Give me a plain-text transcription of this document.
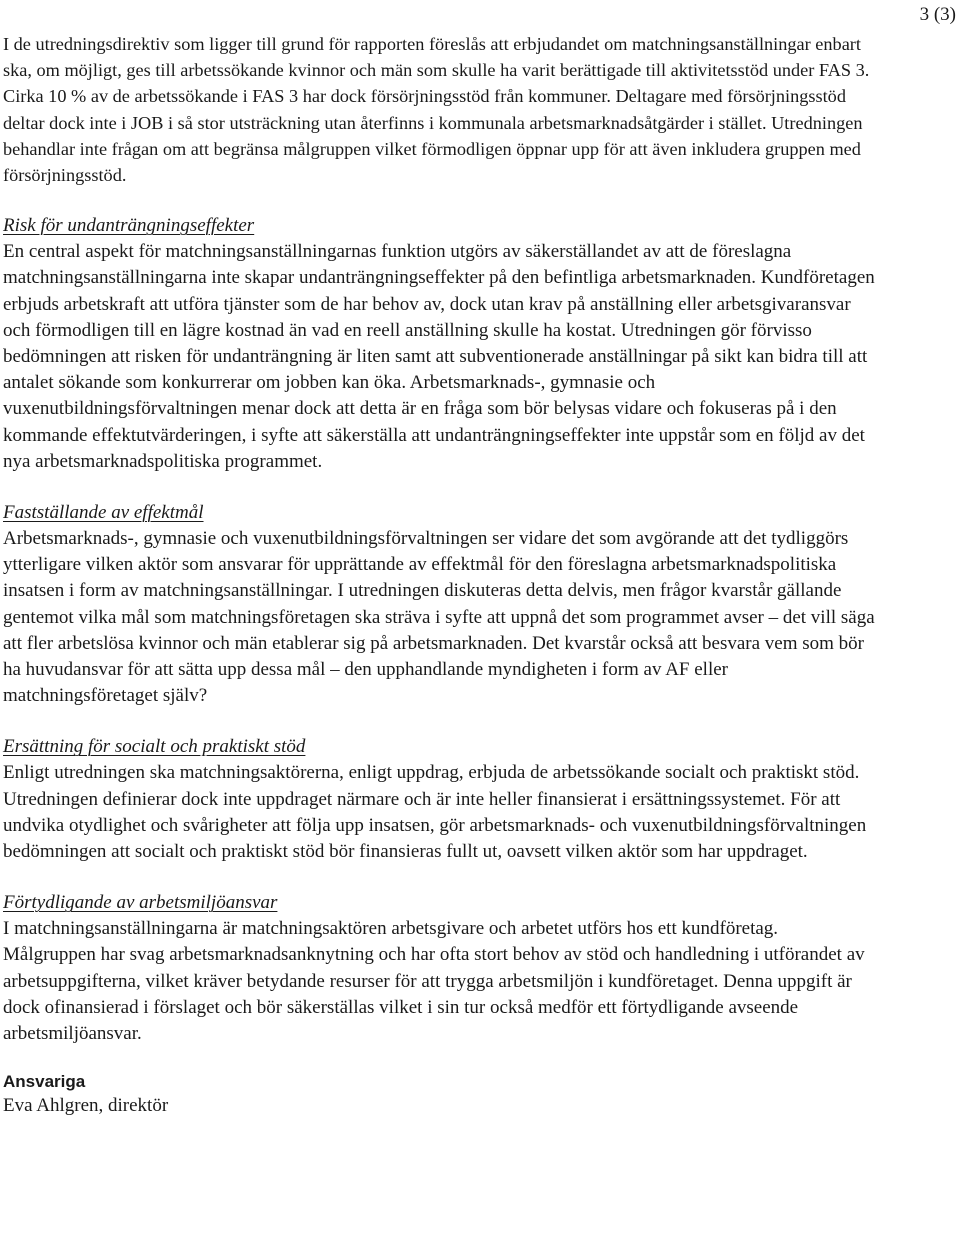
3 (3)

I de utredningsdirektiv som ligger till grund för rapporten föreslås att erbjudandet om matchningsanställningar enbart ska, om möjligt, ges till arbetssökande kvinnor och män som skulle ha varit berättigade till aktivitetsstöd under FAS 3. Cirka 10 % av de arbetssökande i FAS 3 har dock försörjningsstöd från kommuner. Deltagare med försörjningsstöd deltar dock inte i JOB i så stor utsträckning utan återfinns i kommunala arbetsmarknadsåtgärder i stället. Utredningen behandlar inte frågan om att begränsa målgruppen vilket förmodligen öppnar upp för att även inkludera gruppen med försörjningsstöd.

Risk för undanträngningseffekter

En central aspekt för matchningsanställningarnas funktion utgörs av säkerställandet av att de föreslagna matchningsanställningarna inte skapar undanträngningseffekter på den befintliga arbetsmarknaden. Kundföretagen erbjuds arbetskraft att utföra tjänster som de har behov av, dock utan krav på anställning eller arbetsgivaransvar och förmodligen till en lägre kostnad än vad en reell anställning skulle ha kostat. Utredningen gör förvisso bedömningen att risken för undanträngning är liten samt att subventionerade anställningar på sikt kan bidra till att antalet sökande som konkurrerar om jobben kan öka. Arbetsmarknads-, gymnasie och vuxenutbildningsförvaltningen menar dock att detta är en fråga som bör belysas vidare och fokuseras på i den kommande effektutvärderingen, i syfte att säkerställa att undanträngningseffekter inte uppstår som en följd av det nya arbetsmarknadspolitiska programmet.

Fastställande av effektmål

Arbetsmarknads-, gymnasie och vuxenutbildningsförvaltningen ser vidare det som avgörande att det tydliggörs ytterligare vilken aktör som ansvarar för upprättande av effektmål för den föreslagna arbetsmarknadspolitiska insatsen i form av matchningsanställningar. I utredningen diskuteras detta delvis, men frågor kvarstår gällande gentemot vilka mål som matchningsföretagen ska sträva i syfte att uppnå det som programmet avser – det vill säga att fler arbetslösa kvinnor och män etablerar sig på arbetsmarknaden. Det kvarstår också att besvara vem som bör ha huvudansvar för att sätta upp dessa mål – den upphandlande myndigheten i form av AF eller matchningsföretaget själv?

Ersättning för socialt och praktiskt stöd

Enligt utredningen ska matchningsaktörerna, enligt uppdrag, erbjuda de arbetssökande socialt och praktiskt stöd. Utredningen definierar dock inte uppdraget närmare och är inte heller finansierat i ersättningssystemet. För att undvika otydlighet och svårigheter att följa upp insatsen, gör arbetsmarknads- och vuxenutbildningsförvaltningen bedömningen att socialt och praktiskt stöd bör finansieras fullt ut, oavsett vilken aktör som har uppdraget.

Förtydligande av arbetsmiljöansvar

I matchningsanställningarna är matchningsaktören arbetsgivare och arbetet utförs hos ett kundföretag. Målgruppen har svag arbetsmarknadsanknytning och har ofta stort behov av stöd och handledning i utförandet av arbetsuppgifterna, vilket kräver betydande resurser för att trygga arbetsmiljön i kundföretaget. Denna uppgift är dock ofinansierad i förslaget och bör säkerställas vilket i sin tur också medför ett förtydligande avseende arbetsmiljöansvar.

Ansvariga
Eva Ahlgren, direktör
